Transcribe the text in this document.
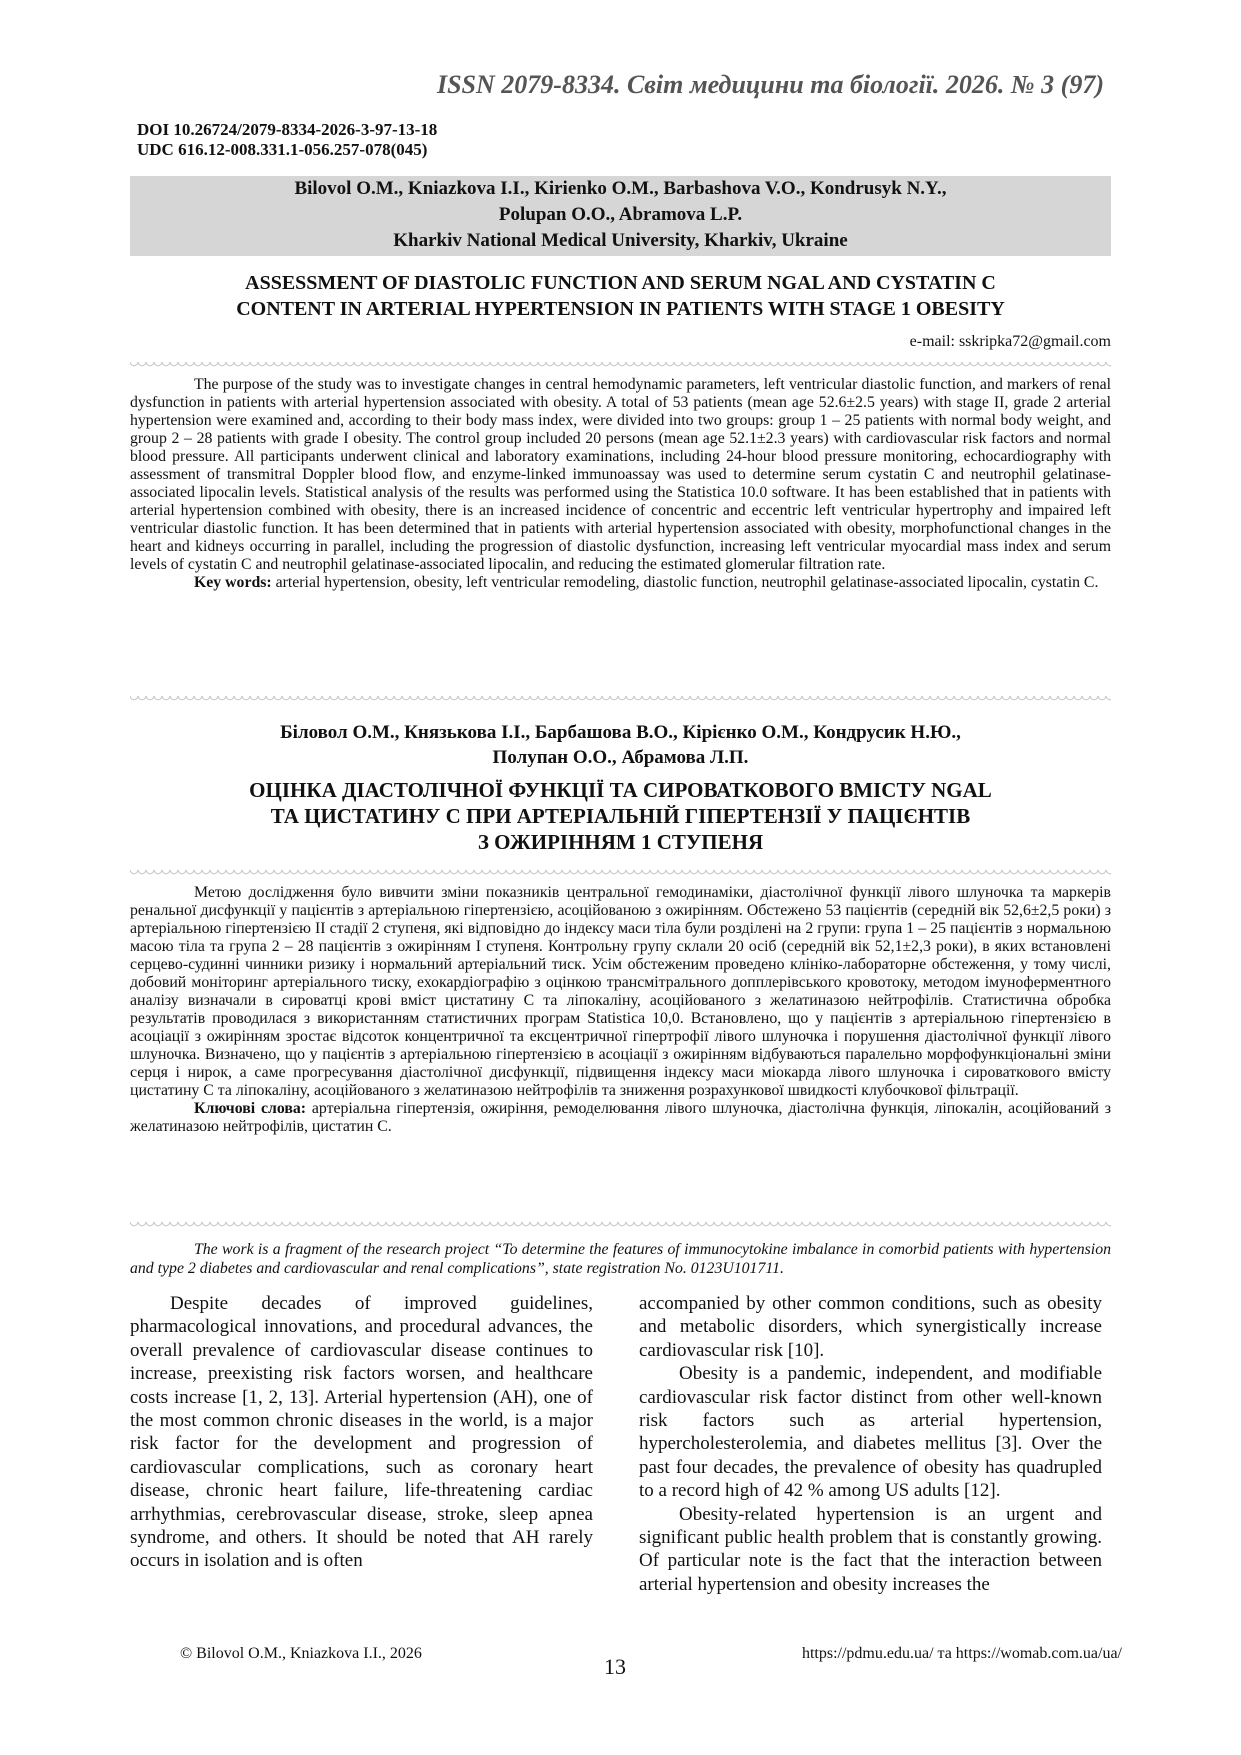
ISSN 2079-8334. Світ медицини та біології. 2026. № 3 (97)
DOI 10.26724/2079-8334-2026-3-97-13-18
UDC 616.12-008.331.1-056.257-078(045)
Bilovol O.M., Kniazkova I.I., Kirienko O.M., Barbashova V.O., Kondrusyk N.Y.,
Polupan O.O., Abramova L.P.
Kharkiv National Medical University, Kharkiv, Ukraine
ASSESSMENT OF DIASTOLIC FUNCTION AND SERUM NGAL AND CYSTATIN C
CONTENT IN ARTERIAL HYPERTENSION IN PATIENTS WITH STAGE 1 OBESITY
e-mail: sskripka72@gmail.com

The purpose of the study was to investigate changes in central hemodynamic parameters, left ventricular diastolic function, and markers of renal dysfunction in patients with arterial hypertension associated with obesity. A total of 53 patients (mean age 52.6±2.5 years) with stage II, grade 2 arterial hypertension were examined and, according to their body mass index, were divided into two groups: group 1 – 25 patients with normal body weight, and group 2 – 28 patients with grade I obesity. The control group included 20 persons (mean age 52.1±2.3 years) with cardiovascular risk factors and normal blood pressure. All participants underwent clinical and laboratory examinations, including 24-hour blood pressure monitoring, echocardiography with assessment of transmitral Doppler blood flow, and enzyme-linked immunoassay was used to determine serum cystatin C and neutrophil gelatinase-associated lipocalin levels. Statistical analysis of the results was performed using the Statistica 10.0 software. It has been established that in patients with arterial hypertension combined with obesity, there is an increased incidence of concentric and eccentric left ventricular hypertrophy and impaired left ventricular diastolic function. It has been determined that in patients with arterial hypertension associated with obesity, morphofunctional changes in the heart and kidneys occurring in parallel, including the progression of diastolic dysfunction, increasing left ventricular myocardial mass index and serum levels of cystatin C and neutrophil gelatinase-associated lipocalin, and reducing the estimated glomerular filtration rate.

Key words: arterial hypertension, obesity, left ventricular remodeling, diastolic function, neutrophil gelatinase-associated lipocalin, cystatin C.

Біловол О.М., Князькова І.І., Барбашова В.О., Кірієнко О.М., Кондрусик Н.Ю.,
Полупан О.О., Абрамова Л.П.
ОЦІНКА ДІАСТОЛІЧНОЇ ФУНКЦІЇ ТА СИРОВАТКОВОГО ВМІСТУ NGAL
ТА ЦИСТАТИНУ С ПРИ АРТЕРІАЛЬНІЙ ГІПЕРТЕНЗІЇ У ПАЦІЄНТІВ
З ОЖИРІННЯМ 1 СТУПЕНЯ

Метою дослідження було вивчити зміни показників центральної гемодинаміки, діастолічної функції лівого шлуночка та маркерів ренальної дисфункції у пацієнтів з артеріальною гіпертензією, асоційованою з ожирінням. Обстежено 53 пацієнтів (середній вік 52,6±2,5 роки) з артеріальною гіпертензією ІІ стадії 2 ступеня, які відповідно до індексу маси тіла були розділені на 2 групи: група 1 – 25 пацієнтів з нормальною масою тіла та група 2 – 28 пацієнтів з ожирінням І ступеня. Контрольну групу склали 20 осіб (середній вік 52,1±2,3 роки), в яких встановлені серцево-судинні чинники ризику і нормальний артеріальний тиск. Усім обстеженим проведено клініко-лабораторне обстеження, у тому числі, добовий моніторинг артеріального тиску, ехокардіографію з оцінкою трансмітрального допплерівського кровотоку, методом імуноферментного аналізу визначали в сироватці крові вміст цистатину С та ліпокаліну, асоційованого з желатиназою нейтрофілів. Статистична обробка результатів проводилася з використанням статистичних програм Statistica 10,0. Встановлено, що у пацієнтів з артеріальною гіпертензією в асоціації з ожирінням зростає відсоток концентричної та ексцентричної гіпертрофії лівого шлуночка і порушення діастолічної функції лівого шлуночка. Визначено, що у пацієнтів з артеріальною гіпертензією в асоціації з ожирінням відбуваються паралельно морфофункціональні зміни серця і нирок, а саме прогресування діастолічної дисфункції, підвищення індексу маси міокарда лівого шлуночка і сироваткового вмісту цистатину С та ліпокаліну, асоційованого з желатиназою нейтрофілів та зниження розрахункової швидкості клубочкової фільтрації.

Ключові слова: артеріальна гіпертензія, ожиріння, ремоделювання лівого шлуночка, діастолічна функція, ліпокалін, асоційований з желатиназою нейтрофілів, цистатин С.

The work is a fragment of the research project “To determine the features of immunocytokine imbalance in comorbid patients with hypertension and type 2 diabetes and cardiovascular and renal complications”, state registration No. 0123U101711.

Despite decades of improved guidelines, pharmacological innovations, and procedural advances, the overall prevalence of cardiovascular disease continues to increase, preexisting risk factors worsen, and healthcare costs increase [1, 2, 13]. Arterial hypertension (AH), one of the most common chronic diseases in the world, is a major risk factor for the development and progression of cardiovascular complications, such as coronary heart disease, chronic heart failure, life-threatening cardiac arrhythmias, cerebrovascular disease, stroke, sleep apnea syndrome, and others. It should be noted that AH rarely occurs in isolation and is often

accompanied by other common conditions, such as obesity and metabolic disorders, which synergistically increase cardiovascular risk [10].

Obesity is a pandemic, independent, and modifiable cardiovascular risk factor distinct from other well-known risk factors such as arterial hypertension, hypercholesterolemia, and diabetes mellitus [3]. Over the past four decades, the prevalence of obesity has quadrupled to a record high of 42 % among US adults [12].

Obesity-related hypertension is an urgent and significant public health problem that is constantly growing. Of particular note is the fact that the interaction between arterial hypertension and obesity increases the

© Bilovol O.M., Kniazkova I.I., 2026
13
https://pdmu.edu.ua/ та https://womab.com.ua/ua/
